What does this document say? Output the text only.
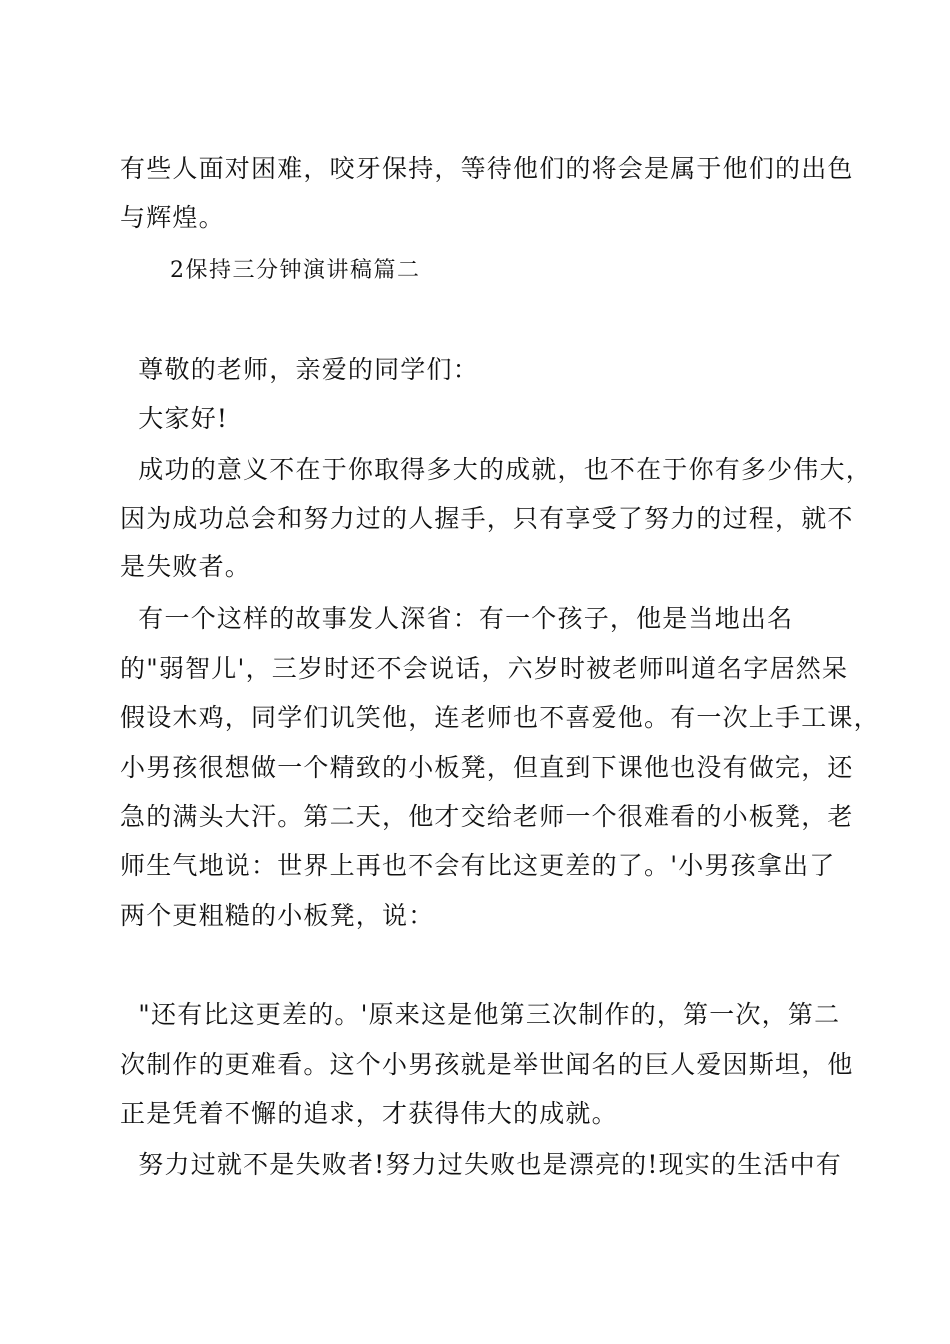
有些人面对困难，咬牙保持，等待他们的将会是属于他们的出色
与辉煌。
2保持三分钟演讲稿篇二
尊敬的老师，亲爱的同学们：
大家好!
成功的意义不在于你取得多大的成就，也不在于你有多少伟大，
因为成功总会和努力过的人握手，只有享受了努力的过程，就不
是失败者。
有一个这样的故事发人深省：有一个孩子，他是当地出名
的"弱智儿'，三岁时还不会说话，六岁时被老师叫道名字居然呆
假设木鸡，同学们讥笑他，连老师也不喜爱他。有一次上手工课，
小男孩很想做一个精致的小板凳，但直到下课他也没有做完，还
急的满头大汗。第二天，他才交给老师一个很难看的小板凳，老
师生气地说：世界上再也不会有比这更差的了。'小男孩拿出了
两个更粗糙的小板凳，说：
"还有比这更差的。'原来这是他第三次制作的，第一次，第二
次制作的更难看。这个小男孩就是举世闻名的巨人爱因斯坦，他
正是凭着不懈的追求，才获得伟大的成就。
努力过就不是失败者!努力过失败也是漂亮的!现实的生活中有
